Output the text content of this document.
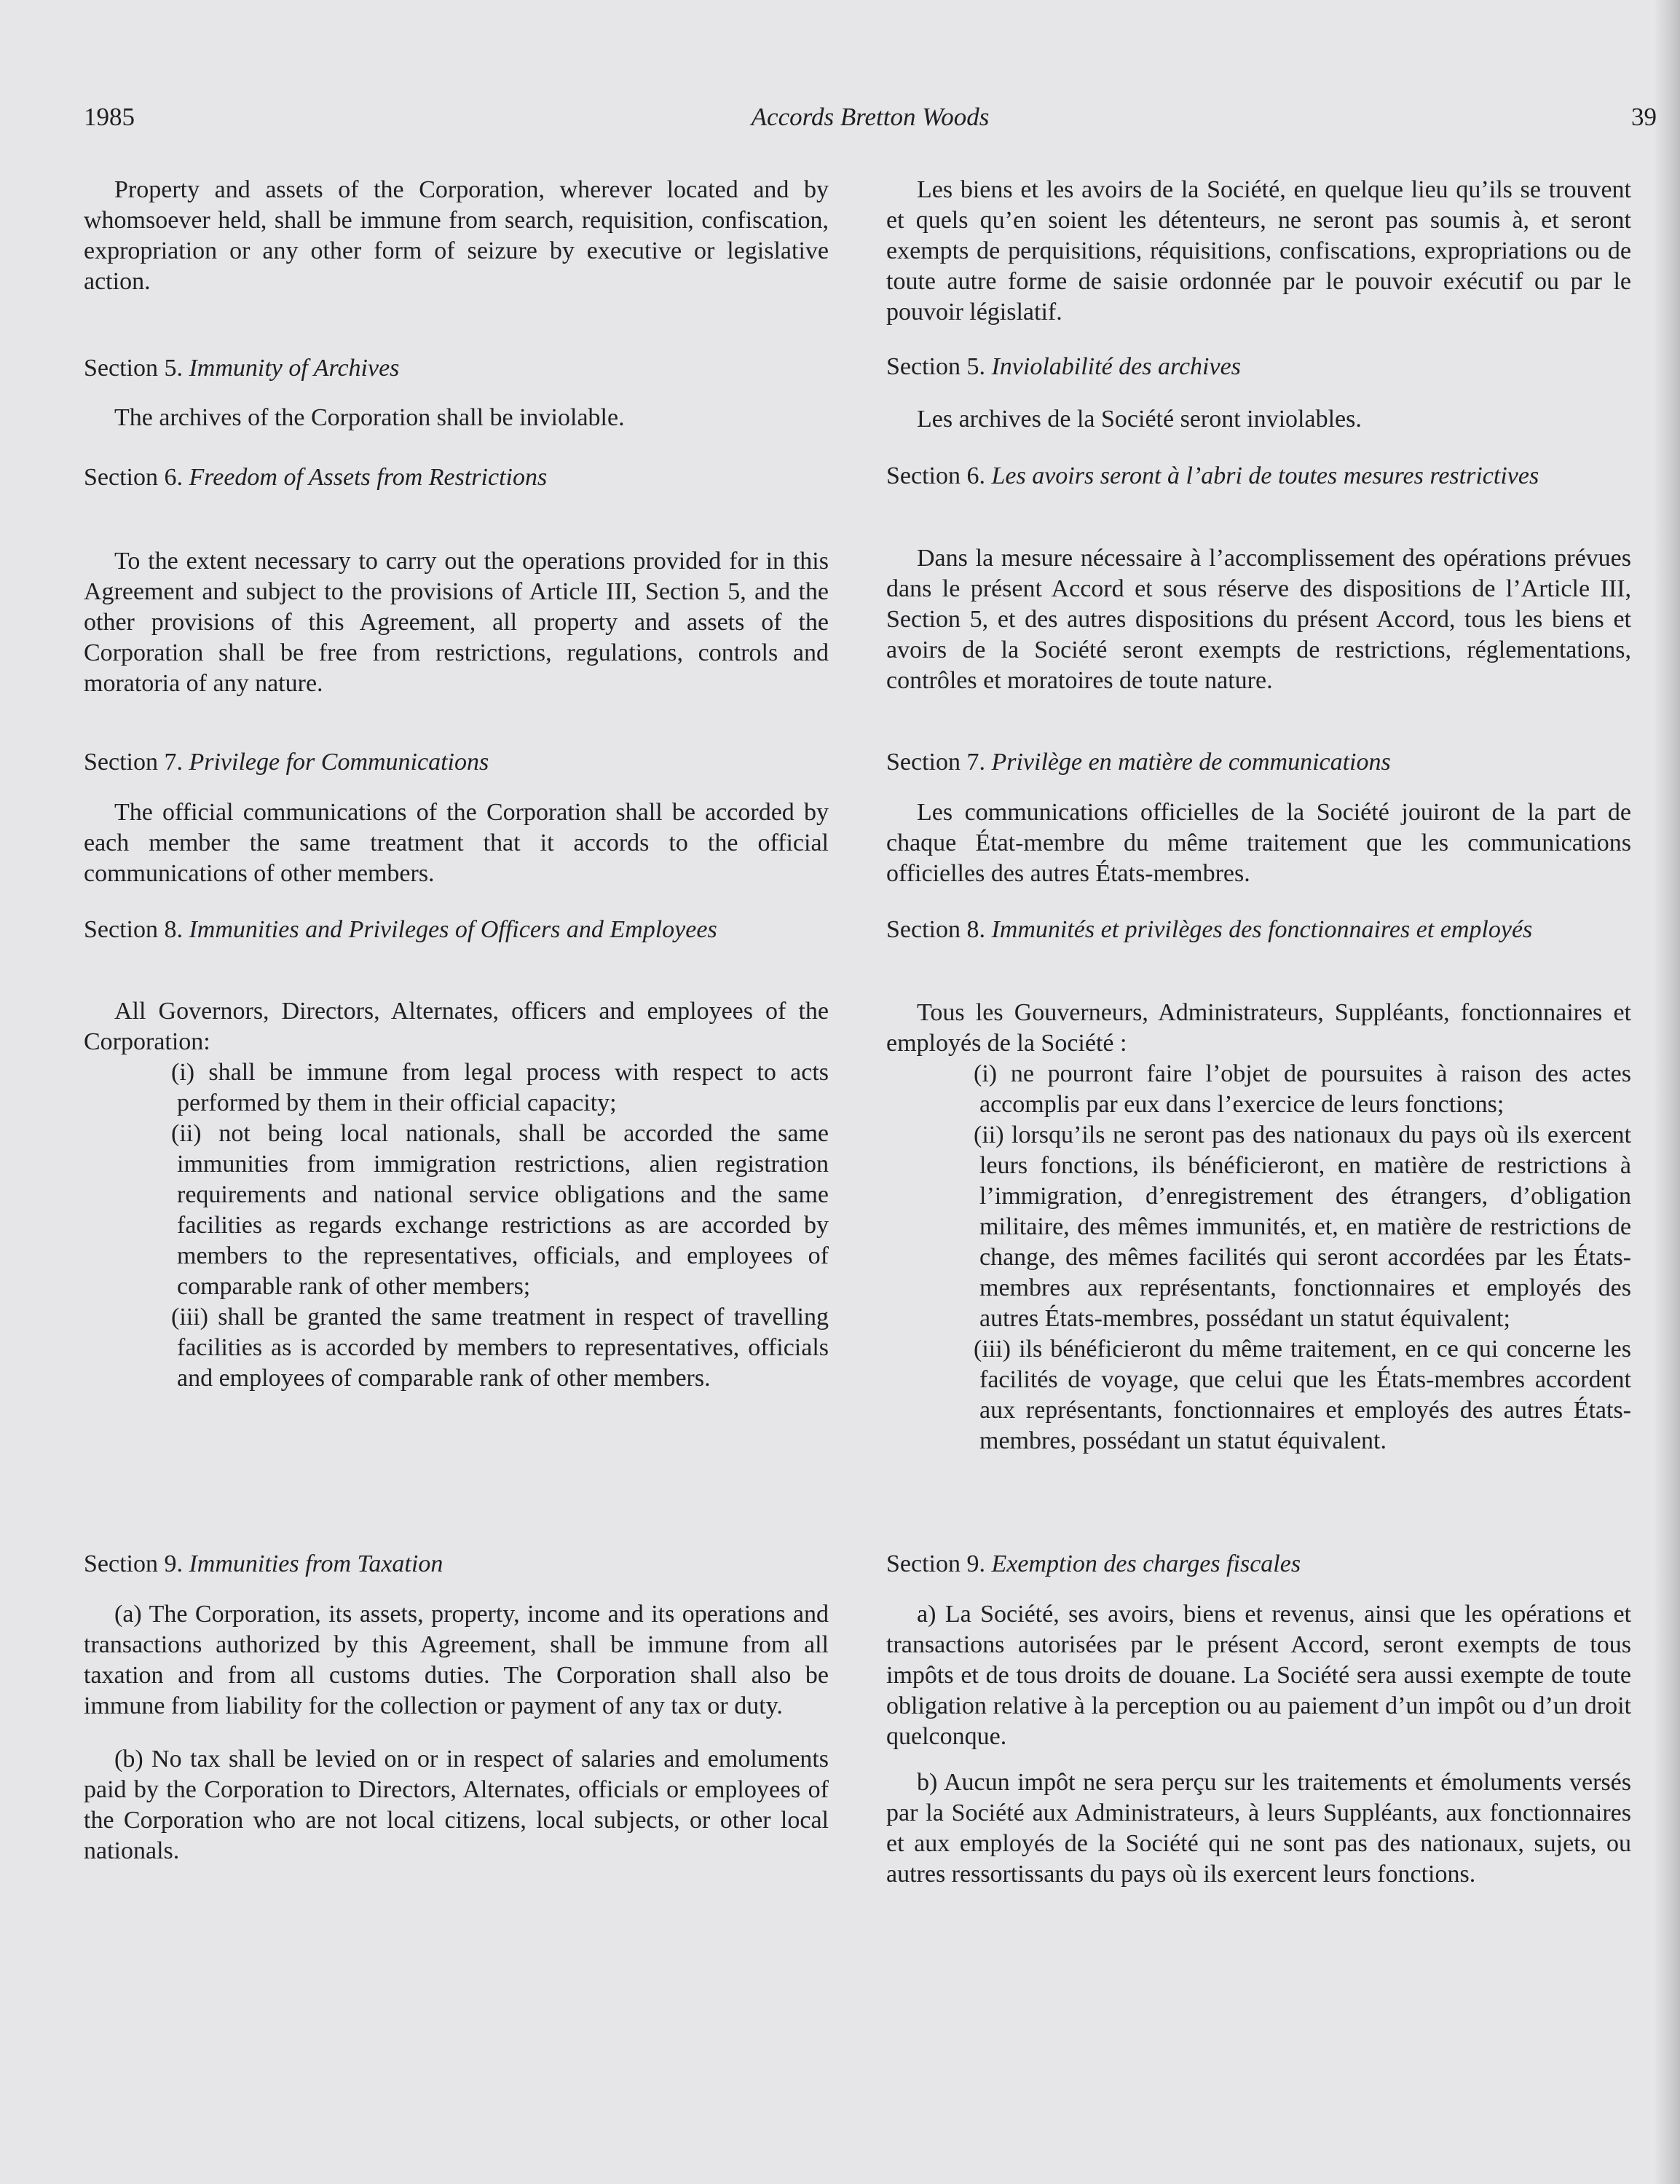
1985	Accords Bretton Woods	39

Property and assets of the Corporation, wherever located and by whomsoever held, shall be immune from search, requisition, confiscation, expropriation or any other form of seizure by executive or legislative action.

Section 5. Immunity of Archives

The archives of the Corporation shall be inviolable.

Section 6. Freedom of Assets from Restrictions

To the extent necessary to carry out the operations provided for in this Agreement and subject to the provisions of Article III, Section 5, and the other provisions of this Agreement, all property and assets of the Corporation shall be free from restrictions, regulations, controls and moratoria of any nature.

Section 7. Privilege for Communications

The official communications of the Corporation shall be accorded by each member the same treatment that it accords to the official communications of other members.

Section 8. Immunities and Privileges of Officers and Employees

All Governors, Directors, Alternates, officers and employees of the Corporation:

(i) shall be immune from legal process with respect to acts performed by them in their official capacity;

(ii) not being local nationals, shall be accorded the same immunities from immigration restrictions, alien registration requirements and national service obligations and the same facilities as regards exchange restrictions as are accorded by members to the representatives, officials, and employees of comparable rank of other members;

(iii) shall be granted the same treatment in respect of travelling facilities as is accorded by members to representatives, officials and employees of comparable rank of other members.

Section 9. Immunities from Taxation

(a) The Corporation, its assets, property, income and its operations and transactions authorized by this Agreement, shall be immune from all taxation and from all customs duties. The Corporation shall also be immune from liability for the collection or payment of any tax or duty.

(b) No tax shall be levied on or in respect of salaries and emoluments paid by the Corporation to Directors, Alternates, officials or employees of the Corporation who are not local citizens, local subjects, or other local nationals.

Les biens et les avoirs de la Société, en quelque lieu qu’ils se trouvent et quels qu’en soient les détenteurs, ne seront pas soumis à, et seront exempts de perquisitions, réquisitions, confiscations, expropriations ou de toute autre forme de saisie ordonnée par le pouvoir exécutif ou par le pouvoir législatif.

Section 5. Inviolabilité des archives

Les archives de la Société seront inviolables.

Section 6. Les avoirs seront à l’abri de toutes mesures restrictives

Dans la mesure nécessaire à l’accomplissement des opérations prévues dans le présent Accord et sous réserve des dispositions de l’Article III, Section 5, et des autres dispositions du présent Accord, tous les biens et avoirs de la Société seront exempts de restrictions, réglementations, contrôles et moratoires de toute nature.

Section 7. Privilège en matière de communications

Les communications officielles de la Société jouiront de la part de chaque État-membre du même traitement que les communications officielles des autres États-membres.

Section 8. Immunités et privilèges des fonctionnaires et employés

Tous les Gouverneurs, Administrateurs, Suppléants, fonctionnaires et employés de la Société :

(i) ne pourront faire l’objet de poursuites à raison des actes accomplis par eux dans l’exercice de leurs fonctions;

(ii) lorsqu’ils ne seront pas des nationaux du pays où ils exercent leurs fonctions, ils bénéficieront, en matière de restrictions à l’immigration, d’enregistrement des étrangers, d’obligation militaire, des mêmes immunités, et, en matière de restrictions de change, des mêmes facilités qui seront accordées par les États-membres aux représentants, fonctionnaires et employés des autres États-membres, possédant un statut équivalent;

(iii) ils bénéficieront du même traitement, en ce qui concerne les facilités de voyage, que celui que les États-membres accordent aux représentants, fonctionnaires et employés des autres États-membres, possédant un statut équivalent.

Section 9. Exemption des charges fiscales

a) La Société, ses avoirs, biens et revenus, ainsi que les opérations et transactions autorisées par le présent Accord, seront exempts de tous impôts et de tous droits de douane. La Société sera aussi exempte de toute obligation relative à la perception ou au paiement d’un impôt ou d’un droit quelconque.

b) Aucun impôt ne sera perçu sur les traitements et émoluments versés par la Société aux Administrateurs, à leurs Suppléants, aux fonctionnaires et aux employés de la Société qui ne sont pas des nationaux, sujets, ou autres ressortissants du pays où ils exercent leurs fonctions.
